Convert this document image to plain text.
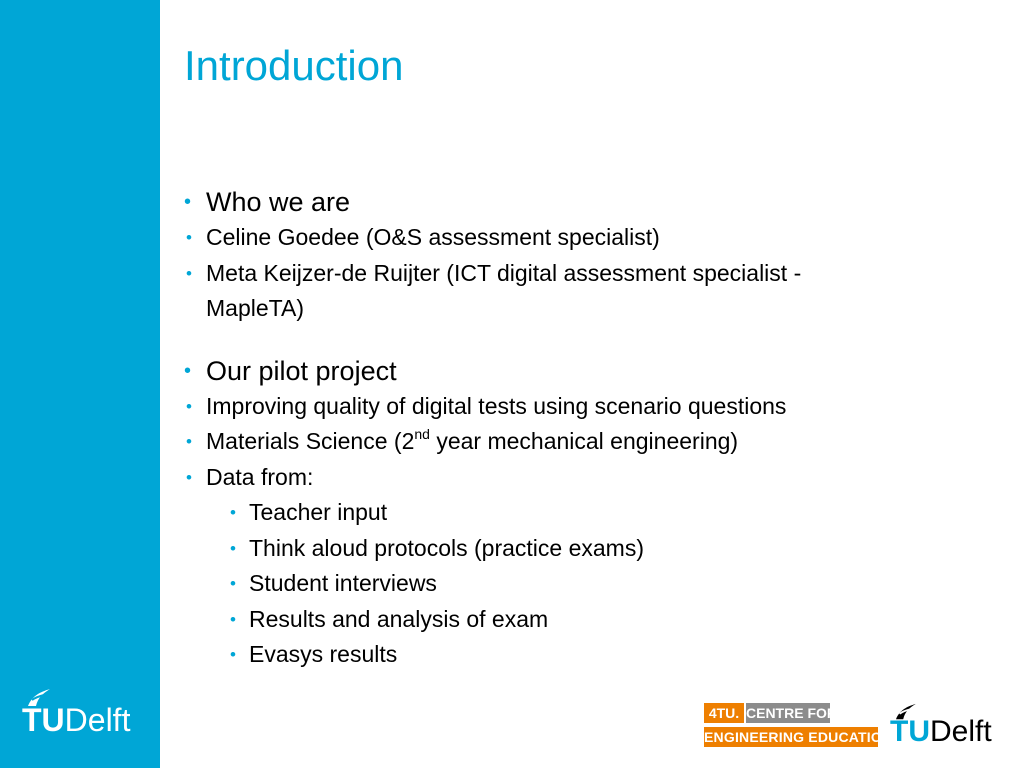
TUDelft
Introduction
• Who we are
• Celine Goedee (O&S assessment specialist)
• Meta Keijzer-de Ruijter (ICT digital assessment specialist -
MapleTA)
• Our pilot project
• Improving quality of digital tests using scenario questions
• Materials Science (2nd year mechanical engineering)
• Data from:
• Teacher input
• Think aloud protocols (practice exams)
• Student interviews
• Results and analysis of exam
• Evasys results
4TU. CENTRE FOR
ENGINEERING EDUCATION
TUDelft
